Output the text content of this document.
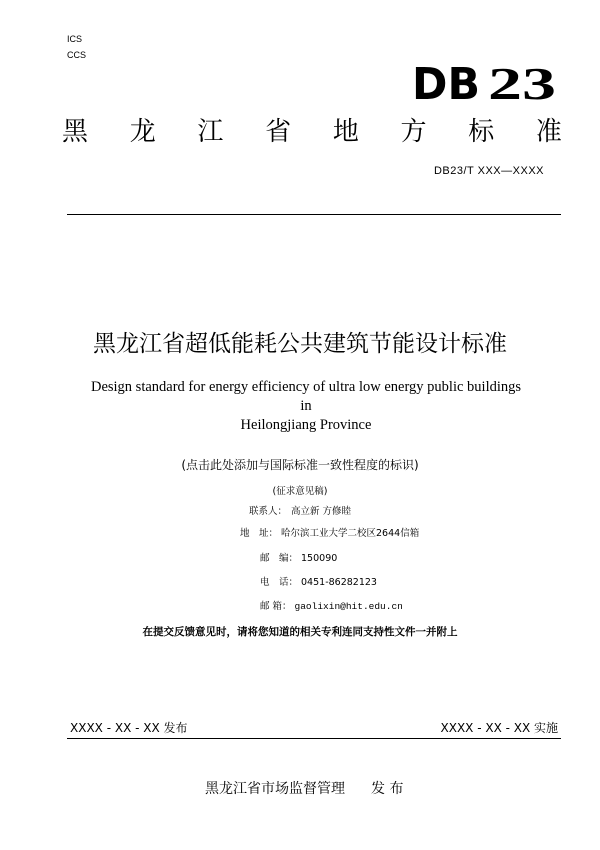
ICS
CCS
DB 23
黑 龙 江 省 地 方 标 准
DB23/T XXX—XXXX
黑龙江省超低能耗公共建筑节能设计标准
Design standard for energy efficiency of ultra low energy public buildings in
Heilongjiang Province
(点击此处添加与国际标准一致性程度的标识)
(征求意见稿)
联系人： 高立新 方修睦
地　址： 哈尔滨工业大学二校区2644信箱
邮　编： 150090
电　话： 0451-86282123
邮 箱： gaolixin@hit.edu.cn
在提交反馈意见时，请将您知道的相关专利连同支持性文件一并附上
XXXX - XX - XX 发布	XXXX - XX - XX 实施
黑龙江省市场监督管理 发 布
